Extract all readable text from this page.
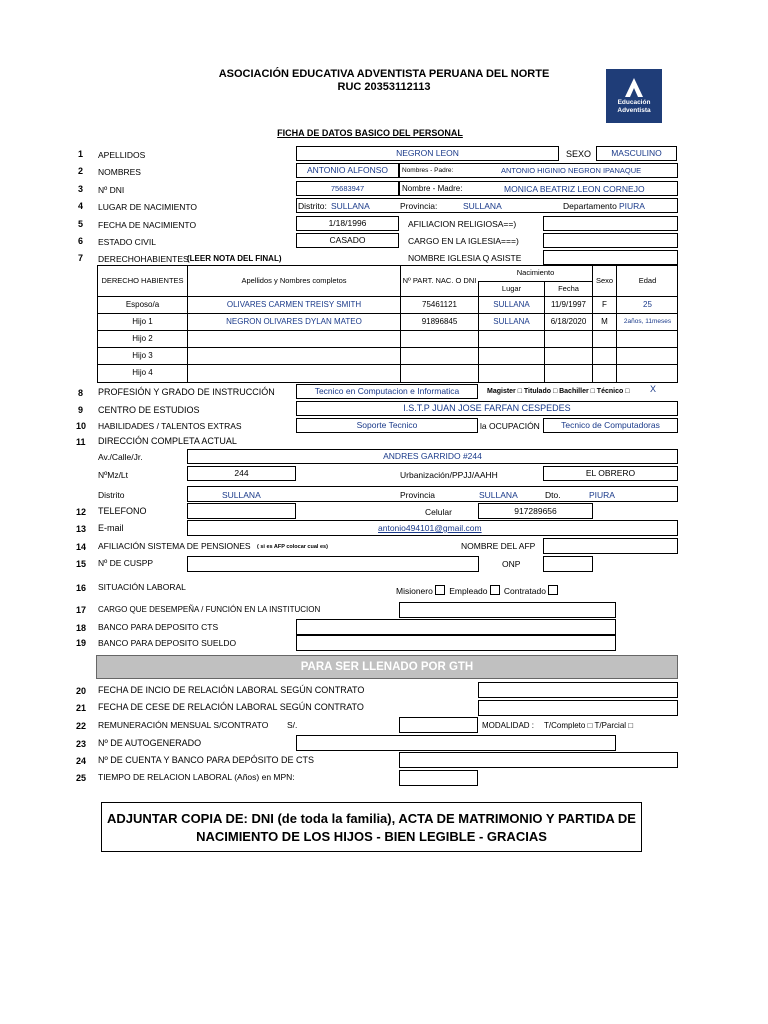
ASOCIACIÓN EDUCATIVA ADVENTISTA PERUANA DEL NORTE
RUC 20353112113
Educación
Adventista
FICHA DE DATOS BASICO DEL PERSONAL
1 APELLIDOS	NEGRON LEON	SEXO	MASCULINO
2 NOMBRES	ANTONIO ALFONSO	Nombres - Padre:	ANTONIO HIGINIO NEGRON IPANAQUE
3 Nº DNI	75683947	Nombre - Madre:	MONICA BEATRIZ LEON CORNEJO
4 LUGAR DE NACIMIENTO	Distrito: SULLANA	Provincia:	SULLANA	Departamento PIURA
5 FECHA DE NACIMIENTO	1/18/1996	AFILIACION RELIGIOSA==)
6 ESTADO CIVIL	CASADO	CARGO EN LA IGLESIA===)
7 DERECHOHABIENTES
(LEER NOTA DEL FINAL)	NOMBRE IGLESIA Q ASISTE
DERECHO HABIENTES	Apellidos y Nombres completos	Nº PART. NAC. O DNI
Nacimiento
Lugar	Fecha
Sexo	Edad
Esposo/a	OLIVARES CARMEN TREISY SMITH	75461121	SULLANA	11/9/1997	F	25
Hijo 1	NEGRON OLIVARES DYLAN MATEO	91896845	SULLANA	6/18/2020	M	2años, 11meses
Hijo 2
Hijo 3
Hijo 4
8 PROFESIÓN Y GRADO DE INSTRUCCIÓN	Tecnico en Computacion e Informatica	Magister □ Titulado □ Bachiller □ Técnico □ X
9 CENTRO DE ESTUDIOS	I.S.T.P JUAN JOSE FARFAN CESPEDES
10 HABILIDADES / TALENTOS EXTRAS	Soporte Tecnico	la OCUPACIÓN	Tecnico de Computadoras
11 DIRECCIÓN COMPLETA ACTUAL
Av./Calle/Jr.	ANDRES GARRIDO #244
NºMz/Lt	244	Urbanización/PPJJ/AAHH	EL OBRERO
Distrito	SULLANA	Provincia	SULLANA	Dto.	PIURA
12 TELEFONO	Celular	917289656
13 E-mail	antonio494101@gmail.com
14 AFILIACIÓN SISTEMA DE PENSIONES ( si es AFP colocar cual es)	NOMBRE DEL AFP
15 Nº DE CUSPP	ONP
16 SITUACIÓN LABORAL	Misionero Empleado Contratado
17 CARGO QUE DESEMPEÑA / FUNCIÓN EN LA INSTITUCION
18 BANCO PARA DEPOSITO CTS
19 BANCO PARA DEPOSITO SUELDO
PARA SER LLENADO POR GTH
20 FECHA DE INCIO DE RELACIÓN LABORAL SEGÚN CONTRATO
21 FECHA DE CESE DE RELACIÓN LABORAL SEGÚN CONTRATO
22 REMUNERACIÓN MENSUAL S/CONTRATO S/.	MODALIDAD : T/Completo □ T/Parcial □
23 Nº DE AUTOGENERADO
24 Nº DE CUENTA Y BANCO PARA DEPÓSITO DE CTS
25 TIEMPO DE RELACION LABORAL (Años) en MPN:
ADJUNTAR COPIA DE: DNI (de toda la familia), ACTA DE MATRIMONIO Y PARTIDA DE
NACIMIENTO DE LOS HIJOS - BIEN LEGIBLE - GRACIAS
